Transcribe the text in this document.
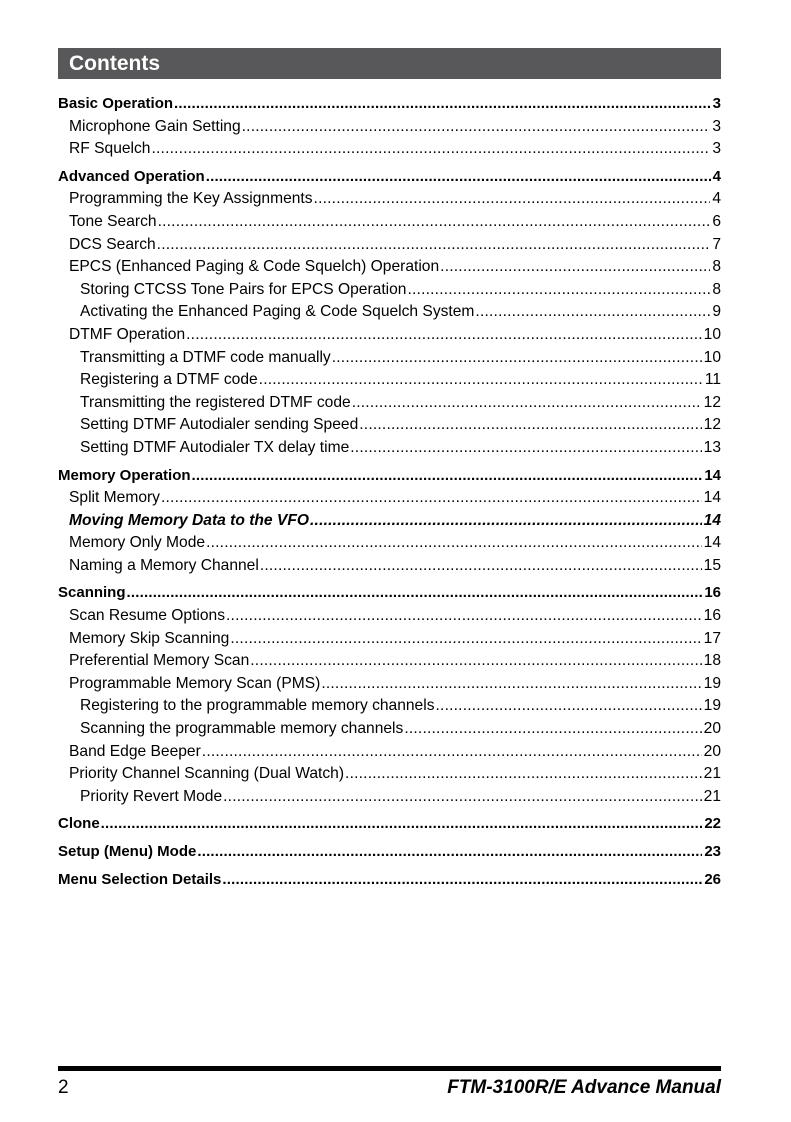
Contents
Basic Operation .....	3
Microphone Gain Setting .....	3
RF Squelch .....	3
Advanced Operation .....	4
Programming the Key Assignments .....	4
Tone Search .....	6
DCS Search .....	7
EPCS (Enhanced Paging & Code Squelch) Operation .....	8
Storing CTCSS Tone Pairs for EPCS Operation .....	8
Activating the Enhanced Paging & Code Squelch System .....	9
DTMF Operation .....	10
Transmitting a DTMF code manually .....	10
Registering a DTMF code .....	11
Transmitting the registered DTMF code .....	12
Setting DTMF Autodialer sending Speed .....	12
Setting DTMF Autodialer TX delay time .....	13
Memory Operation .....	14
Split Memory .....	14
Moving Memory Data to the VFO .....	14
Memory Only Mode .....	14
Naming a Memory Channel .....	15
Scanning .....	16
Scan Resume Options .....	16
Memory Skip Scanning .....	17
Preferential Memory Scan .....	18
Programmable Memory Scan (PMS) .....	19
Registering to the programmable memory channels .....	19
Scanning the programmable memory channels .....	20
Band Edge Beeper .....	20
Priority Channel Scanning (Dual Watch) .....	21
Priority Revert Mode .....	21
Clone .....	22
Setup (Menu) Mode .....	23
Menu Selection Details .....	26
2	FTM-3100R/E Advance Manual
